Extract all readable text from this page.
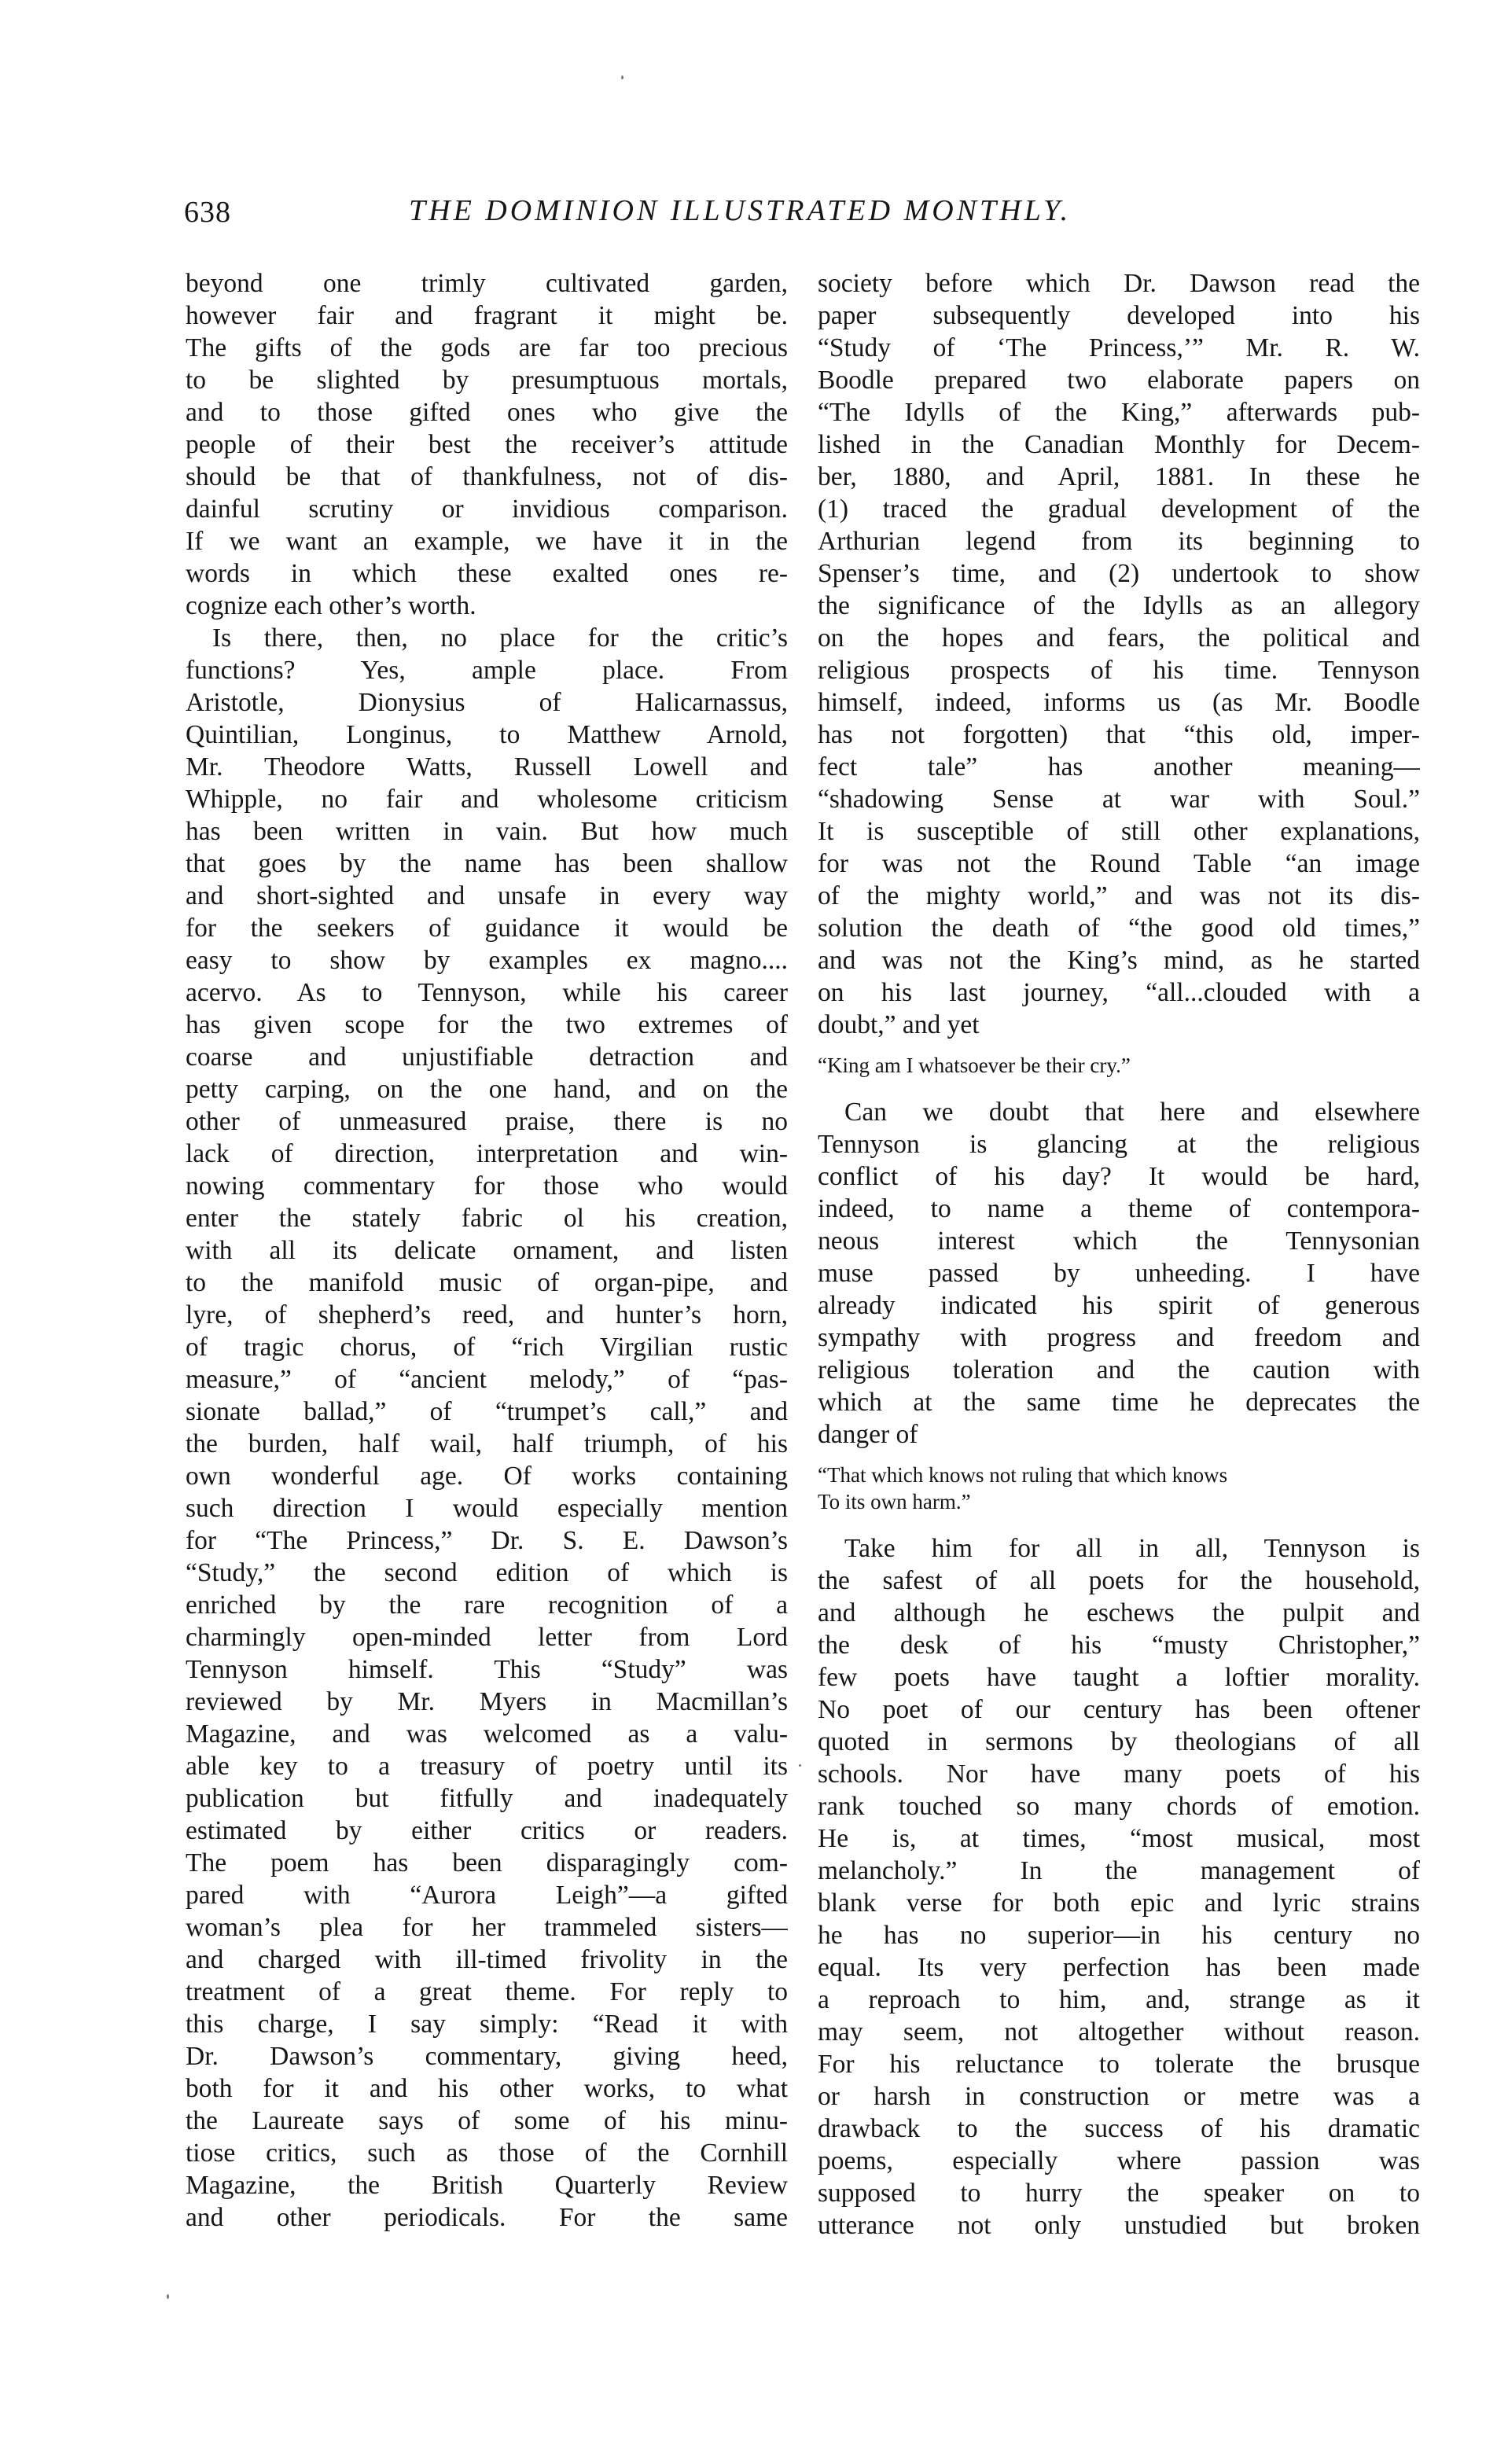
638	THE DOMINION ILLUSTRATED MONTHLY.
beyond one trimly cultivated garden,
however fair and fragrant it might be.
The gifts of the gods are far too precious
to be slighted by presumptuous mortals,
and to those gifted ones who give the
people of their best the receiver’s attitude
should be that of thankfulness, not of dis-
dainful scrutiny or invidious comparison.
If we want an example, we have it in the
words in which these exalted ones re-
cognize each other’s worth.
Is there, then, no place for the critic’s
functions? Yes, ample place. From
Aristotle, Dionysius of Halicarnassus,
Quintilian, Longinus, to Matthew Arnold,
Mr. Theodore Watts, Russell Lowell and
Whipple, no fair and wholesome criticism
has been written in vain. But how much
that goes by the name has been shallow
and short-sighted and unsafe in every way
for the seekers of guidance it would be
easy to show by examples ex magno....
acervo. As to Tennyson, while his career
has given scope for the two extremes of
coarse and unjustifiable detraction and
petty carping, on the one hand, and on the
other of unmeasured praise, there is no
lack of direction, interpretation and win-
nowing commentary for those who would
enter the stately fabric ol his creation,
with all its delicate ornament, and listen
to the manifold music of organ-pipe, and
lyre, of shepherd’s reed, and hunter’s horn,
of tragic chorus, of “rich Virgilian rustic
measure,” of “ancient melody,” of “pas-
sionate ballad,” of “trumpet’s call,” and
the burden, half wail, half triumph, of his
own wonderful age. Of works containing
such direction I would especially mention
for “The Princess,” Dr. S. E. Dawson’s
“Study,” the second edition of which is
enriched by the rare recognition of a
charmingly open-minded letter from Lord
Tennyson himself. This “Study” was
reviewed by Mr. Myers in Macmillan’s
Magazine, and was welcomed as a valu-
able key to a treasury of poetry until its
publication but fitfully and inadequately
estimated by either critics or readers.
The poem has been disparagingly com-
pared with “Aurora Leigh”—a gifted
woman’s plea for her trammeled sisters—
and charged with ill-timed frivolity in the
treatment of a great theme. For reply to
this charge, I say simply: “Read it with
Dr. Dawson’s commentary, giving heed,
both for it and his other works, to what
the Laureate says of some of his minu-
tiose critics, such as those of the Cornhill
Magazine, the British Quarterly Review
and other periodicals. For the same
society before which Dr. Dawson read the
paper subsequently developed into his
“Study of ‘The Princess,’” Mr. R. W.
Boodle prepared two elaborate papers on
“The Idylls of the King,” afterwards pub-
lished in the Canadian Monthly for Decem-
ber, 1880, and April, 1881. In these he
(1) traced the gradual development of the
Arthurian legend from its beginning to
Spenser’s time, and (2) undertook to show
the significance of the Idylls as an allegory
on the hopes and fears, the political and
religious prospects of his time. Tennyson
himself, indeed, informs us (as Mr. Boodle
has not forgotten) that “this old, imper-
fect tale” has another meaning—
“shadowing Sense at war with Soul.”
It is susceptible of still other explanations,
for was not the Round Table “an image
of the mighty world,” and was not its dis-
solution the death of “the good old times,”
and was not the King’s mind, as he started
on his last journey, “all...clouded with a
doubt,” and yet
“King am I whatsoever be their cry.”
Can we doubt that here and elsewhere
Tennyson is glancing at the religious
conflict of his day? It would be hard,
indeed, to name a theme of contempora-
neous interest which the Tennysonian
muse passed by unheeding. I have
already indicated his spirit of generous
sympathy with progress and freedom and
religious toleration and the caution with
which at the same time he deprecates the
danger of
“That which knows not ruling that which knows
To its own harm.”
Take him for all in all, Tennyson is
the safest of all poets for the household,
and although he eschews the pulpit and
the desk of his “musty Christopher,”
few poets have taught a loftier morality.
No poet of our century has been oftener
quoted in sermons by theologians of all
schools. Nor have many poets of his
rank touched so many chords of emotion.
He is, at times, “most musical, most
melancholy.” In the management of
blank verse for both epic and lyric strains
he has no superior—in his century no
equal. Its very perfection has been made
a reproach to him, and, strange as it
may seem, not altogether without reason.
For his reluctance to tolerate the brusque
or harsh in construction or metre was a
drawback to the success of his dramatic
poems, especially where passion was
supposed to hurry the speaker on to
utterance not only unstudied but broken
